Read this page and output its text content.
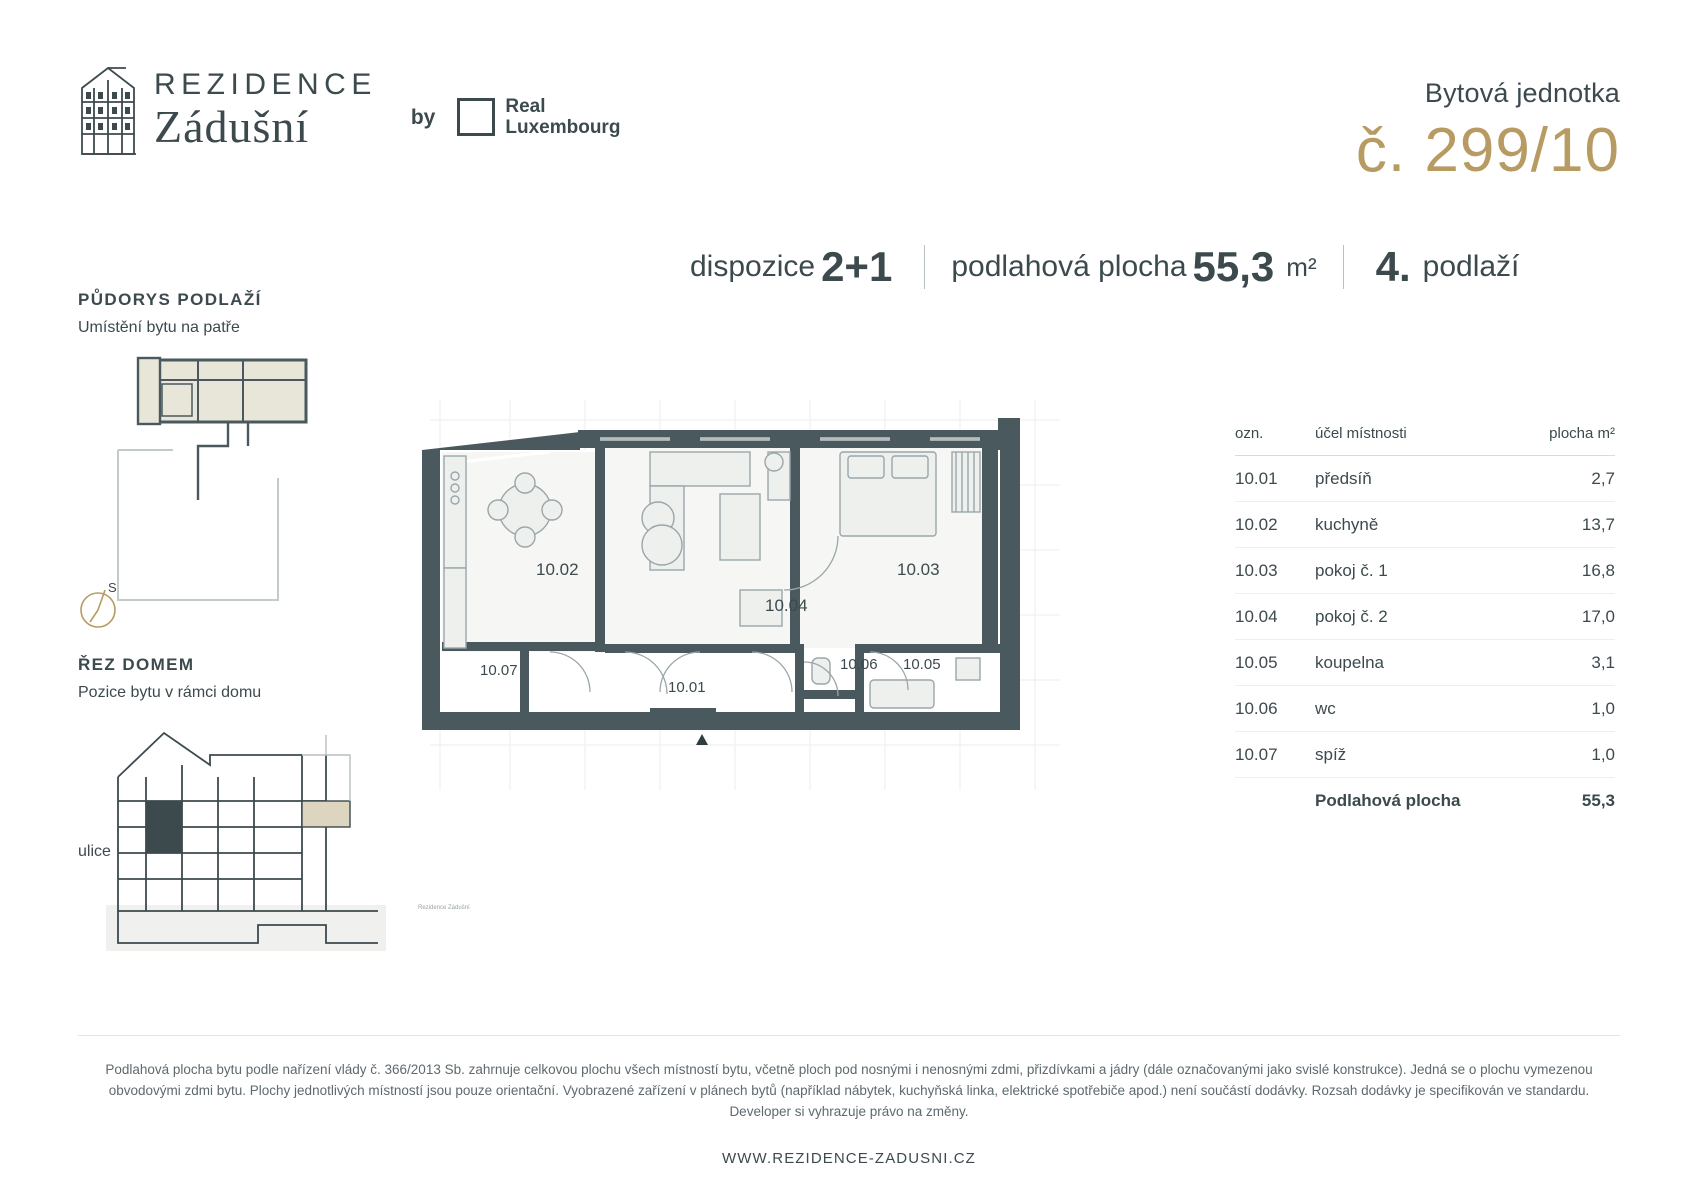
REZIDENCE
Zádušní	by	Real
Luxembourg
Bytová jednotka
č. 299/10
dispozice 2+1 podlahová plocha 55,3 m² 4. podlaží
PŮDORYS PODLAŽÍ
Umístění bytu na patře
S
ŘEZ DOMEM
Pozice bytu v rámci domu
ulice
10.02	10.03
10.04
10.07	10.06 10.05
10.01
Rezidence Zádušní
ozn.	účel místnosti	plocha m²
10.01	předsíň	2,7
10.02	kuchyně	13,7
10.03	pokoj č. 1	16,8
10.04	pokoj č. 2	17,0
10.05	koupelna	3,1
10.06	wc	1,0
10.07	spíž	1,0
	Podlahová plocha	55,3
Podlahová plocha bytu podle nařízení vlády č. 366/2013 Sb. zahrnuje celkovou plochu všech místností bytu, včetně ploch pod nosnými i nenosnými zdmi, přizdívkami a jádry (dále označovanými jako svislé konstrukce). Jedná se o plochu vymezenou obvodovými zdmi bytu. Plochy jednotlivých místností jsou pouze orientační. Vyobrazené zařízení v plánech bytů (například nábytek, kuchyňská linka, elektrické spotřebiče apod.) není součástí dodávky. Rozsah dodávky je specifikován ve standardu. Developer si vyhrazuje právo na změny.
WWW.REZIDENCE-ZADUSNI.CZ
